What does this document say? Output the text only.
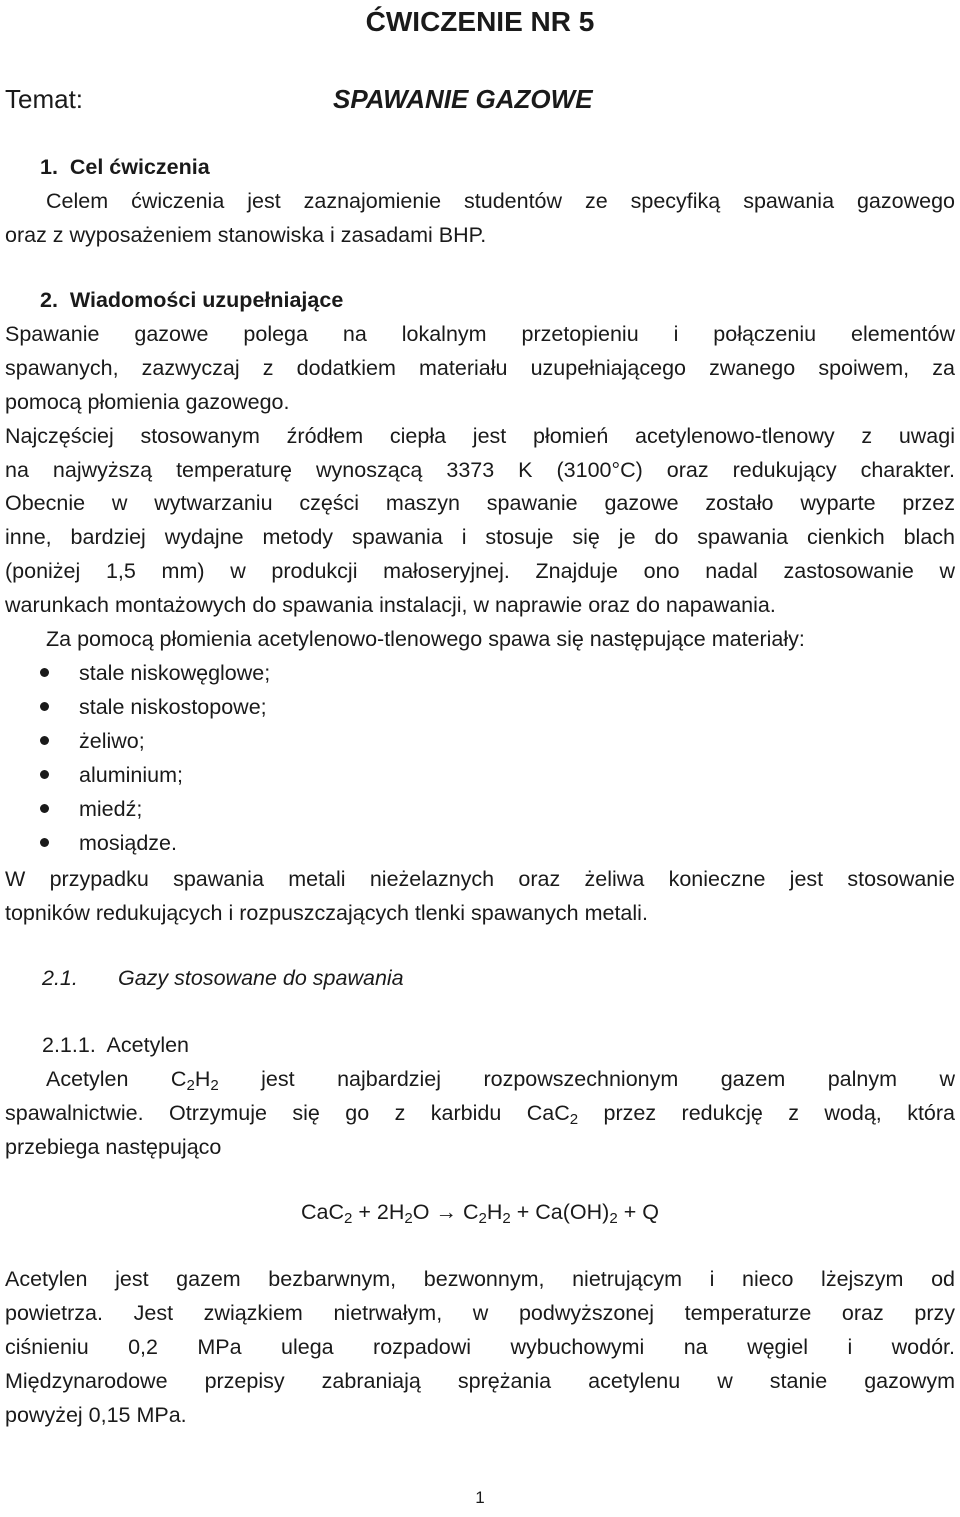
ĆWICZENIE NR 5
Temat:	SPAWANIE GAZOWE
1.  Cel ćwiczenia
Celem ćwiczenia jest zaznajomienie studentów ze specyfiką spawania gazowego
oraz z wyposażeniem stanowiska i zasadami BHP.
2.  Wiadomości uzupełniające
Spawanie gazowe polega na lokalnym przetopieniu i połączeniu elementów
spawanych, zazwyczaj z dodatkiem materiału uzupełniającego zwanego spoiwem, za
pomocą płomienia gazowego.
Najczęściej stosowanym źródłem ciepła jest płomień acetylenowo-tlenowy z uwagi
na najwyższą temperaturę wynoszącą 3373 K (3100°C) oraz redukujący charakter.
Obecnie w wytwarzaniu części maszyn spawanie gazowe zostało wyparte przez
inne, bardziej wydajne metody spawania i stosuje się je do spawania cienkich blach
(poniżej 1,5 mm) w produkcji małoseryjnej. Znajduje ono nadal zastosowanie w
warunkach montażowych do spawania instalacji, w naprawie oraz do napawania.
Za pomocą płomienia acetylenowo-tlenowego spawa się następujące materiały:
stale niskowęglowe;
stale niskostopowe;
żeliwo;
aluminium;
miedź;
mosiądze.
W przypadku spawania metali nieżelaznych oraz żeliwa konieczne jest stosowanie
topników redukujących i rozpuszczających tlenki spawanych metali.
2.1. Gazy stosowane do spawania
2.1.1.  Acetylen
Acetylen $C_2H_2$ jest najbardziej rozpowszechnionym gazem palnym w
spawalnictwie. Otrzymuje się go z karbidu CaC$_2$ przez redukcję z wodą, która
przebiega następująco
$CaC_2 + 2H_2O \to C_2H_2 + Ca(OH)_2 + Q$
Acetylen jest gazem bezbarwnym, bezwonnym, nietrującym i nieco lżejszym od
powietrza. Jest związkiem nietrwałym, w podwyższonej temperaturze oraz przy
ciśnieniu 0,2 MPa ulega rozpadowi wybuchowymi na węgiel i wodór.
Międzynarodowe przepisy zabraniają sprężania acetylenu w stanie gazowym
powyżej 0,15 MPa.
1
